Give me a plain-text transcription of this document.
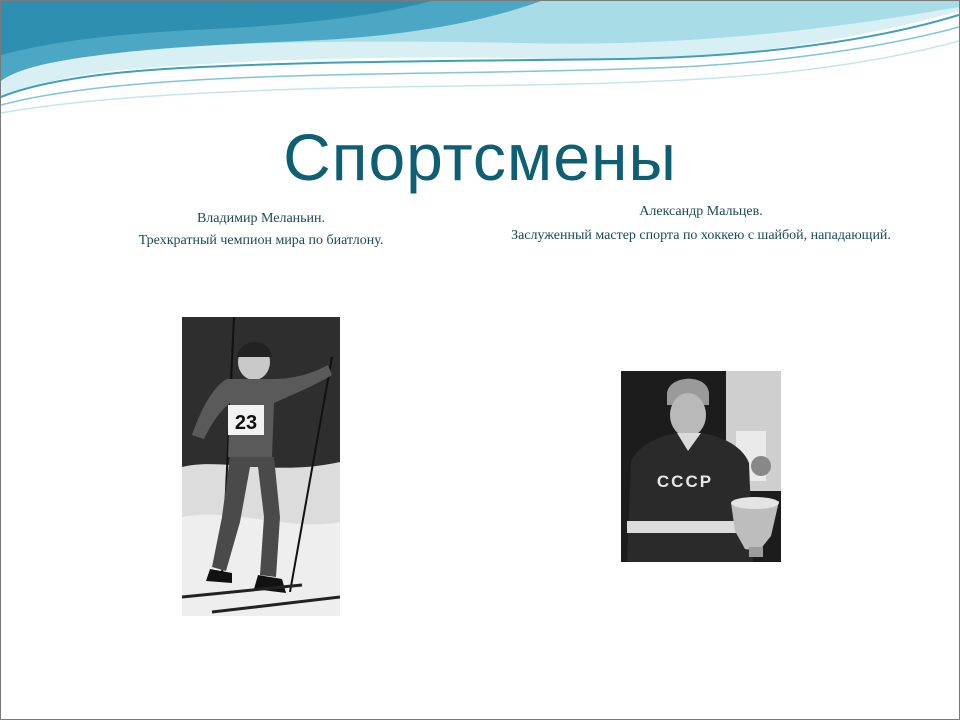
Спортсмены
Владимир Меланьин.
Трехкратный чемпион мира по биатлону.
Александр Мальцев.
Заслуженный мастер спорта по хоккею с шайбой, нападающий.
23
СССР
